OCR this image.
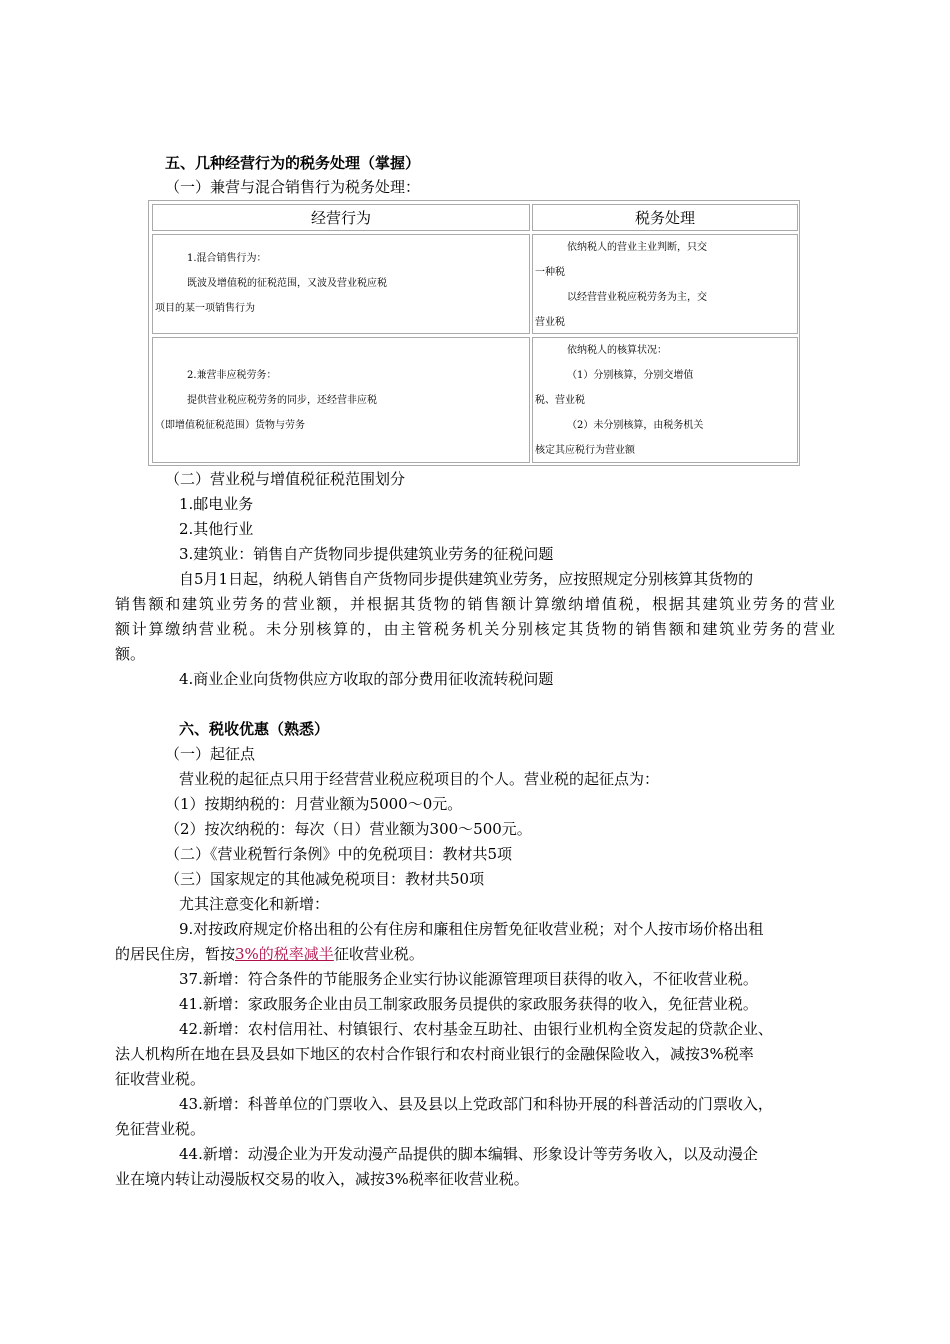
五、几种经营行为的税务处理（掌握）
（一）兼营与混合销售行为税务处理：
经营行为	税务处理
1.混合销售行为：
既波及增值税的征税范围，又波及营业税应税
项目的某一项销售行为
依纳税人的营业主业判断，只交
一种税
以经营营业税应税劳务为主，交
营业税
2.兼营非应税劳务：
提供营业税应税劳务的同步，还经营非应税
（即增值税征税范围）货物与劳务
依纳税人的核算状况：
（1）分别核算，分别交增值
税、营业税
（2）未分别核算，由税务机关
核定其应税行为营业额
（二）营业税与增值税征税范围划分
1.邮电业务
2.其他行业
3.建筑业：销售自产货物同步提供建筑业劳务的征税问题
自5月1日起，纳税人销售自产货物同步提供建筑业劳务，应按照规定分别核算其货物的
销售额和建筑业劳务的营业额，并根据其货物的销售额计算缴纳增值税，根据其建筑业劳务的营业
额计算缴纳营业税。未分别核算的，由主管税务机关分别核定其货物的销售额和建筑业劳务的营业
额。
4.商业企业向货物供应方收取的部分费用征收流转税问题
六、税收优惠（熟悉）
（一）起征点
营业税的起征点只用于经营营业税应税项目的个人。营业税的起征点为：
（1）按期纳税的：月营业额为5000～0元。
（2）按次纳税的：每次（日）营业额为300～500元。
（二）《营业税暂行条例》中的免税项目：教材共5项
（三）国家规定的其他减免税项目：教材共50项
尤其注意变化和新增：
9.对按政府规定价格出租的公有住房和廉租住房暂免征收营业税；对个人按市场价格出租
的居民住房，暂按3%的税率减半征收营业税。
37.新增：符合条件的节能服务企业实行协议能源管理项目获得的收入，不征收营业税。
41.新增：家政服务企业由员工制家政服务员提供的家政服务获得的收入，免征营业税。
42.新增：农村信用社、村镇银行、农村基金互助社、由银行业机构全资发起的贷款企业、
法人机构所在地在县及县如下地区的农村合作银行和农村商业银行的金融保险收入，减按3%税率
征收营业税。
43.新增：科普单位的门票收入、县及县以上党政部门和科协开展的科普活动的门票收入，
免征营业税。
44.新增：动漫企业为开发动漫产品提供的脚本编辑、形象设计等劳务收入，以及动漫企
业在境内转让动漫版权交易的收入，减按3%税率征收营业税。
